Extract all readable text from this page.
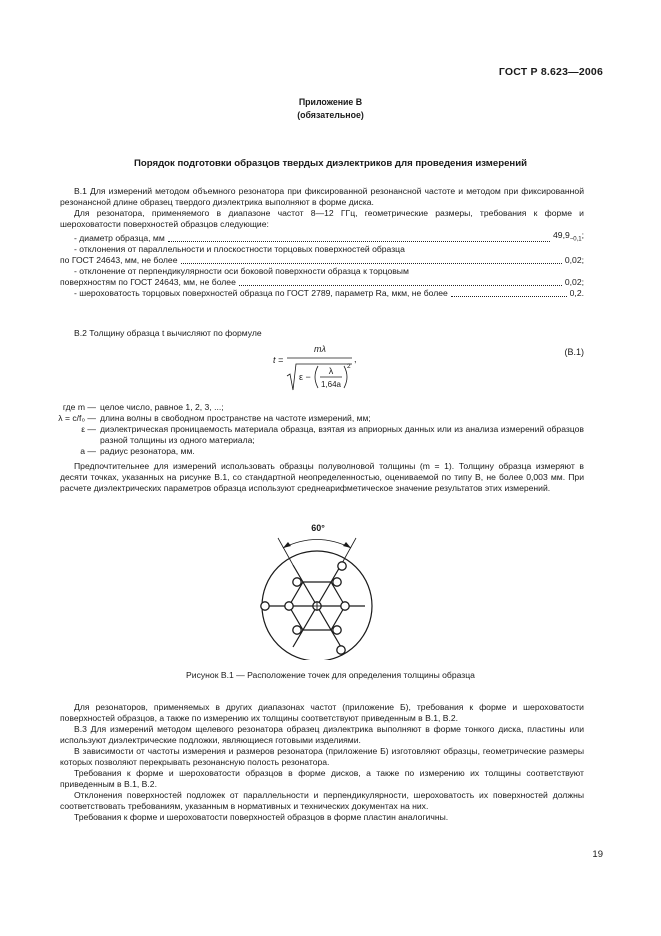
ГОСТ Р 8.623—2006
Приложение В
(обязательное)
Порядок подготовки образцов твердых диэлектриков для проведения измерений

В.1 Для измерений методом объемного резонатора при фиксированной резонансной частоте и методом при фиксированной резонансной длине образец твердого диэлектрика выполняют в форме диска.

Для резонатора, применяемого в диапазоне частот 8—12 ГГц, геометрические размеры, требования к форме и шероховатости поверхностей образцов следующие:

- диаметр образца, мм	$49,9_{-0,1}$;
- отклонения от параллельности и плоскостности торцовых поверхностей образца
по ГОСТ 24643, мм, не более	0,02;
- отклонение от перпендикулярности оси боковой поверхности образца к торцовым
поверхностям по ГОСТ 24643, мм, не более	0,02;
- шероховатость торцовых поверхностей образца по ГОСТ 2789, параметр Ra, мкм, не более	0,2.

В.2 Толщину образца t вычисляют по формуле

t =
mλ
ε −
λ
1,64a
2
,
(В.1)
где m — целое число, равное 1, 2, 3, ...;
λ = c/f₀ — длина волны в свободном пространстве на частоте измерений, мм;
ε — диэлектрическая проницаемость материала образца, взятая из априорных данных или из анализа измерений образцов разной толщины из одного материала;
a — радиус резонатора, мм.

Предпочтительнее для измерений использовать образцы полуволновой толщины (m = 1). Толщину образца измеряют в десяти точках, указанных на рисунке В.1, со стандартной неопределенностью, оцениваемой по типу В, не более 0,003 мм. При расчете диэлектрических параметров образца используют среднеарифметическое значение результатов этих измерений.

60°
Рисунок В.1 — Расположение точек для определения толщины образца

Для резонаторов, применяемых в других диапазонах частот (приложение Б), требования к форме и шероховатости поверхностей образцов, а также по измерению их толщины соответствуют приведенным в В.1, В.2.

В.3 Для измерений методом щелевого резонатора образец диэлектрика выполняют в форме тонкого диска, пластины или используют диэлектрические подложки, являющиеся готовыми изделиями.

В зависимости от частоты измерения и размеров резонатора (приложение Б) изготовляют образцы, геометрические размеры которых позволяют перекрывать резонансную полость резонатора.

Требования к форме и шероховатости образцов в форме дисков, а также по измерению их толщины соответствуют приведенным в В.1, В.2.

Отклонения поверхностей подложек от параллельности и перпендикулярности, шероховатость их поверхностей должны соответствовать требованиям, указанным в нормативных и технических документах на них.

Требования к форме и шероховатости поверхностей образцов в форме пластин аналогичны.

19
